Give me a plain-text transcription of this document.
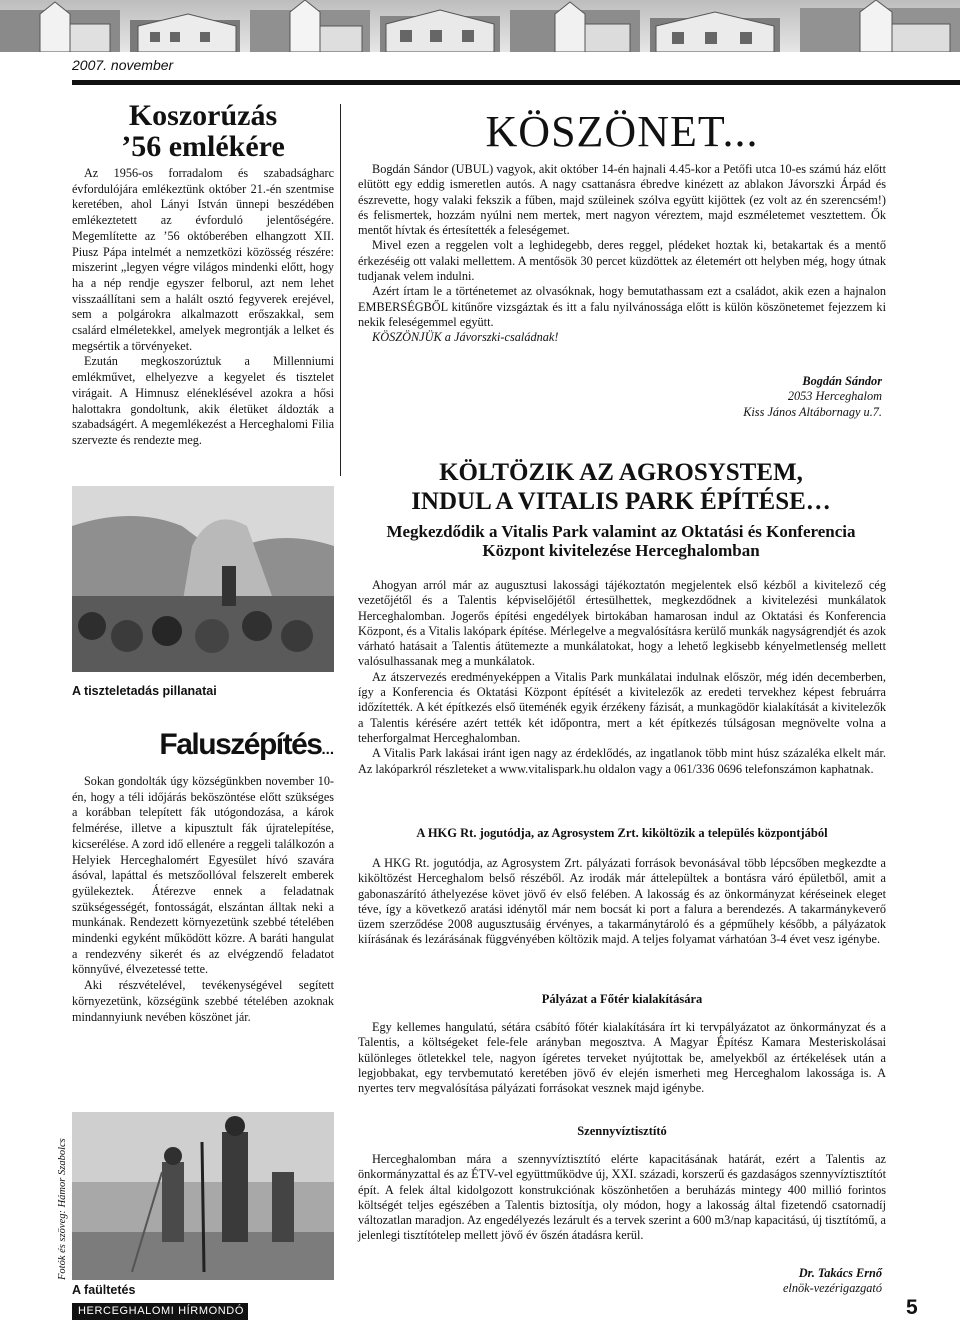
2007. november
Koszorúzás
’56 emlékére

Az 1956-os forradalom és szabadságharc évfordulójára emlékeztünk október 21.-én szentmise keretében, ahol Lányi István ünnepi beszédében emlékeztetett az évforduló jelentőségére. Megemlítette az ’56 októberében elhangzott XII. Piusz Pápa intelmét a nemzetközi közösség részére: miszerint „legyen végre világos mindenki előtt, hogy ha a nép rendje egyszer felborul, azt nem lehet visszaállítani sem a halált osztó fegyverek erejével, sem a polgárokra alkalmazott erőszakkal, sem csalárd elméletekkel, amelyek megrontják a lelket és megsértik a törvényeket.

Ezután megkoszorúztuk a Millenniumi emlékművet, elhelyezve a kegyelet és tisztelet virágait. A Himnusz eléneklésével azokra a hősi halottakra gondoltunk, akik életüket áldozták a szabadságért. A megemlékezést a Herceghalomi Filia szervezte és rendezte meg.

A tiszteletadás pillanatai
Faluszépítés...

Sokan gondolták úgy községünkben november 10-én, hogy a téli időjárás beköszöntése előtt szükséges a korábban telepített fák utógondozása, a károk felmérése, illetve a kipusztult fák újratelepítése, kicserélése. A zord idő ellenére a reggeli találkozón a Helyiek Herceghalomért Egyesület hívó szavára ásóval, lapáttal és metszőollóval felszerelt emberek gyülekeztek. Átérezve ennek a feladatnak szükségességét, fontosságát, elszántan álltak neki a munkának. Rendezett környezetünk szebbé tételében mindenki egyként működött közre. A baráti hangulat a rendezvény sikerét és az elvégzendő feladatot könnyűvé, élvezetessé tette.

Aki részvételével, tevékenységével segített környezetünk, községünk szebbé tételében azoknak mindannyiunk nevében köszönet jár.

A faültetés
Fotók és szöveg: Hámor Szabolcs
KÖSZÖNET...

Bogdán Sándor (UBUL) vagyok, akit október 14-én hajnali 4.45-kor a Petőfi utca 10-es számú ház előtt elütött egy eddig ismeretlen autós. A nagy csattanásra ébredve kinézett az ablakon Jávorszki Árpád és észrevette, hogy valaki fekszik a fűben, majd szüleinek szólva együtt kijöttek (ez volt az én szerencsém!) és felismertek, hozzám nyúlni nem mertek, mert nagyon véreztem, majd eszméletemet vesztettem. Ők mentőt hívtak és értesítették a feleségemet.

Mivel ezen a reggelen volt a leghidegebb, deres reggel, plédeket hoztak ki, betakartak és a mentő érkezéséig ott valaki mellettem. A mentősök 30 percet küzdöttek az életemért ott helyben még, hogy útnak tudjanak velem indulni.

Azért írtam le a történetemet az olvasóknak, hogy bemutathassam ezt a családot, akik ezen a hajnalon EMBERSÉGBŐL kitűnőre vizsgáztak és itt a falu nyilvánossága előtt is külön köszönetemet fejezzem ki nekik feleségemmel együtt.

KÖSZÖNJÜK a Jávorszki-családnak!

Bogdán Sándor
2053 Herceghalom
Kiss János Altábornagy u.7.
KÖLTÖZIK AZ AGROSYSTEM,
INDUL A VITALIS PARK ÉPÍTÉSE…
Megkezdődik a Vitalis Park valamint az Oktatási és Konferencia
Központ kivitelezése Herceghalomban

Ahogyan arról már az augusztusi lakossági tájékoztatón megjelentek első kézből a kivitelező cég vezetőjétől és a Talentis képviselőjétől értesülhettek, megkezdődnek a kivitelezési munkálatok Herceghalomban. Jogerős építési engedélyek birtokában hamarosan indul az Oktatási és Konferencia Központ, és a Vitalis lakópark építése. Mérlegelve a megvalósításra kerülő munkák nagyságrendjét és azok várható hatásait a Talentis átütemezte a munkálatokat, hogy a lehető legkisebb kényelmetlenség mellett valósulhassanak meg a munkálatok.

Az átszervezés eredményeképpen a Vitalis Park munkálatai indulnak először, még idén decemberben, így a Konferencia és Oktatási Központ építését a kivitelezők az eredeti tervekhez képest februárra időzítették. A két építkezés első üteménék egyik érzékeny fázisát, a munkagödör kialakítását a kivitelezők a Talentis kérésére azért tették két időpontra, mert a két építkezés túlságosan megnövelte volna a teherforgalmat Herceghalomban.

A Vitalis Park lakásai iránt igen nagy az érdeklődés, az ingatlanok több mint húsz százaléka elkelt már. Az lakóparkról részleteket a www.vitalispark.hu oldalon vagy a 061/336 0696 telefonszámon kaphatnak.

A HKG Rt. jogutódja, az Agrosystem Zrt. kiköltözik a település központjából

A HKG Rt. jogutódja, az Agrosystem Zrt. pályázati források bevonásával több lépcsőben megkezdte a kiköltözést Herceghalom belső részéből. Az irodák már áttelepültek a bontásra váró épületből, amit a gabonaszárító áthelyezése követ jövő év első felében. A lakosság és az önkormányzat kéréseinek eleget téve, így a következő aratási idénytől már nem bocsát ki port a falura a berendezés. A takarmánykeverő üzem szerződése 2008 augusztusáig érvényes, a takarmánytároló és a gépműhely később, a pályázatok kiírásának és lezárásának függvényében költözik majd. A teljes folyamat várhatóan 3-4 évet vesz igénybe.

Pályázat a Főtér kialakítására

Egy kellemes hangulatú, sétára csábító főtér kialakítására írt ki tervpályázatot az önkormányzat és a Talentis, a költségeket fele-fele arányban megosztva. A Magyar Építész Kamara Mesteriskolásai különleges ötletekkel tele, nagyon ígéretes terveket nyújtottak be, amelyekből az értékelések után a legjobbakat, egy tervbemutató keretében jövő év elején ismerheti meg Herceghalom lakossága is. A nyertes terv megvalósítása pályázati forrásokat vesznek majd igénybe.

Szennyvíztisztító

Herceghalomban mára a szennyvíztisztító elérte kapacitásának határát, ezért a Talentis az önkormányzattal és az ÉTV-vel együttműködve új, XXI. századi, korszerű és gazdaságos szennyvíztisztítót épít. A felek által kidolgozott konstrukciónak köszönhetően a beruházás mintegy 400 millió forintos költségét teljes egészében a Talentis biztosítja, oly módon, hogy a lakosság által fizetendő csatornadíj változatlan maradjon. Az engedélyezés lezárult és a tervek szerint a 600 m3/nap kapacitású, új tisztítómű, a jelenlegi tisztítótelep mellett jövő év őszén átadásra kerül.

Dr. Takács Ernő
elnök-vezérigazgató
HERCEGHALOMI HÍRMONDÓ	5
